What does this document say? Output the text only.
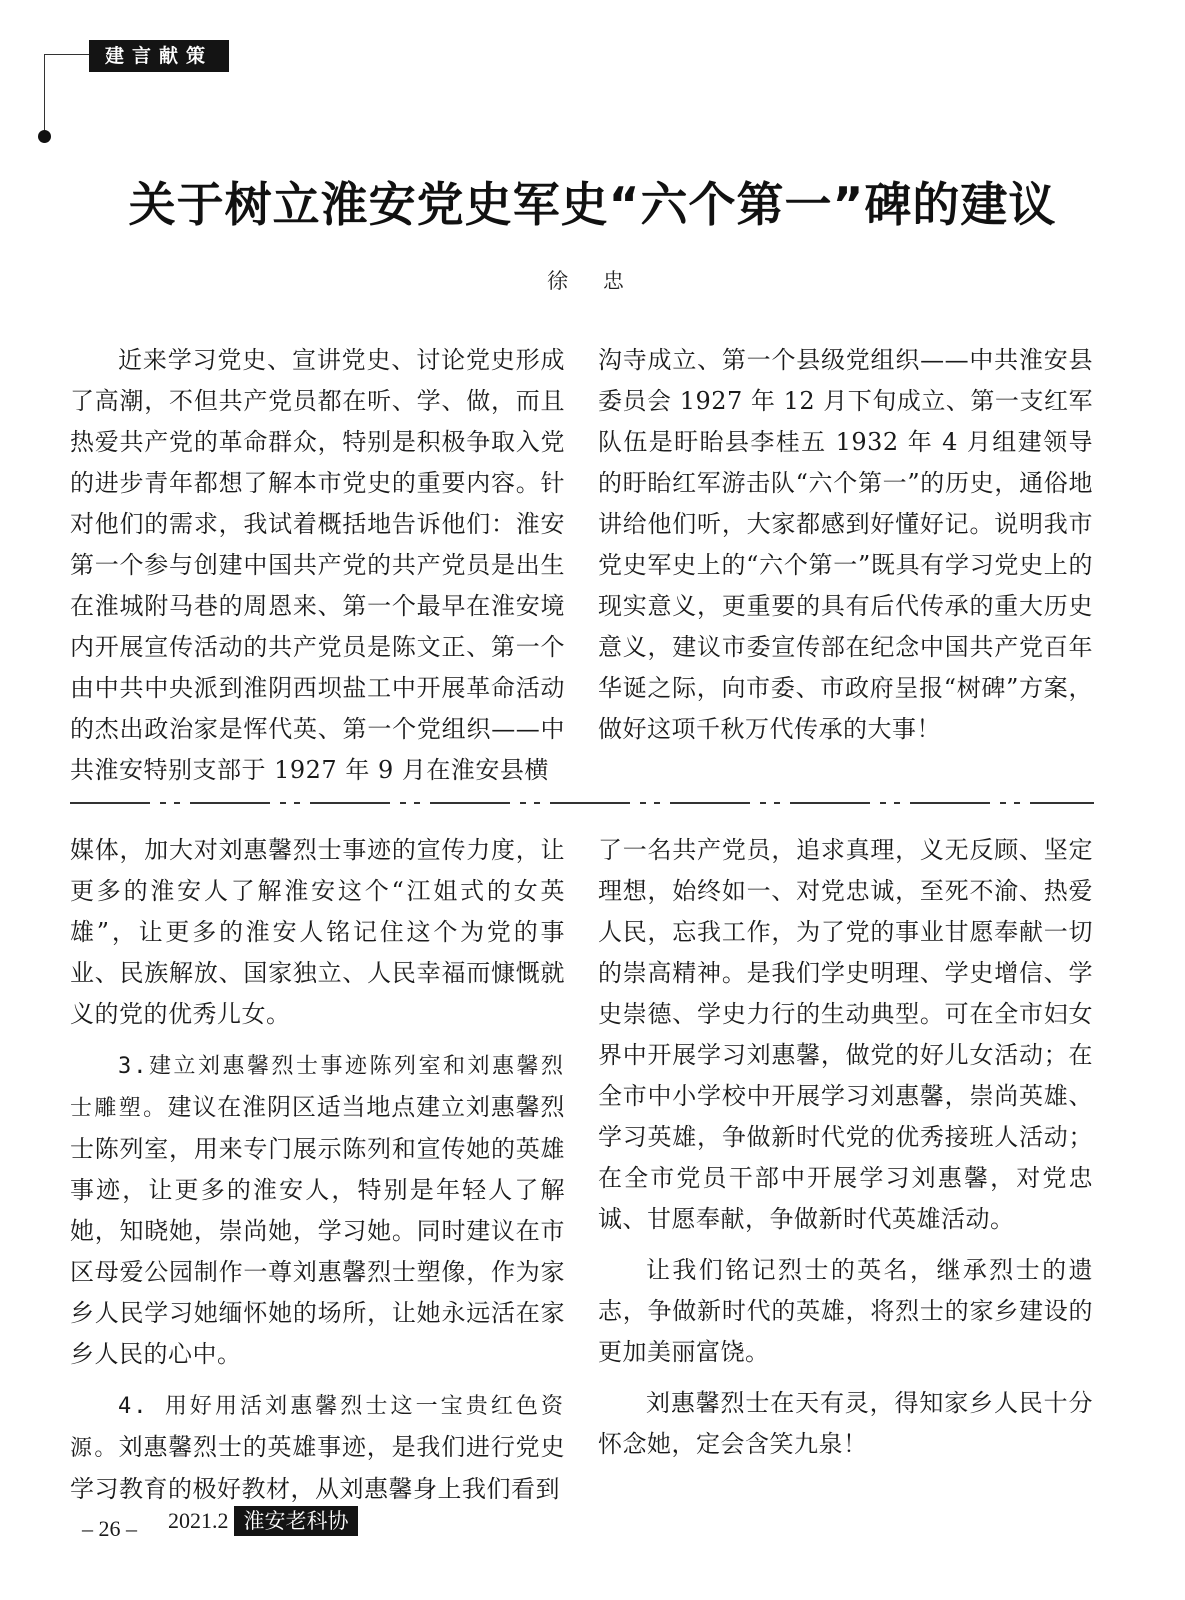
建言献策
关于树立淮安党史军史“六个第一”碑的建议
徐 忠

近来学习党史、宣讲党史、讨论党史形成了高潮，不但共产党员都在听、学、做，而且热爱共产党的革命群众，特别是积极争取入党的进步青年都想了解本市党史的重要内容。针对他们的需求，我试着概括地告诉他们：淮安第一个参与创建中国共产党的共产党员是出生在淮城附马巷的周恩来、第一个最早在淮安境内开展宣传活动的共产党员是陈文正、第一个由中共中央派到淮阴西坝盐工中开展革命活动的杰出政治家是恽代英、第一个党组织——中共淮安特别支部于 1927 年 9 月在淮安县横

沟寺成立、第一个县级党组织——中共淮安县委员会 1927 年 12 月下旬成立、第一支红军队伍是盱眙县李桂五 1932 年 4 月组建领导的盱眙红军游击队“六个第一”的历史，通俗地讲给他们听，大家都感到好懂好记。说明我市党史军史上的“六个第一”既具有学习党史上的现实意义，更重要的具有后代传承的重大历史意义，建议市委宣传部在纪念中国共产党百年华诞之际，向市委、市政府呈报“树碑”方案，做好这项千秋万代传承的大事！

媒体，加大对刘惠馨烈士事迹的宣传力度，让更多的淮安人了解淮安这个“江姐式的女英雄”，让更多的淮安人铭记住这个为党的事业、民族解放、国家独立、人民幸福而慷慨就义的党的优秀儿女。

3.建立刘惠馨烈士事迹陈列室和刘惠馨烈士雕塑。建议在淮阴区适当地点建立刘惠馨烈士陈列室，用来专门展示陈列和宣传她的英雄事迹，让更多的淮安人，特别是年轻人了解她，知晓她，崇尚她，学习她。同时建议在市区母爱公园制作一尊刘惠馨烈士塑像，作为家乡人民学习她缅怀她的场所，让她永远活在家乡人民的心中。

4. 用好用活刘惠馨烈士这一宝贵红色资源。刘惠馨烈士的英雄事迹，是我们进行党史学习教育的极好教材，从刘惠馨身上我们看到

了一名共产党员，追求真理，义无反顾、坚定理想，始终如一、对党忠诚，至死不渝、热爱人民，忘我工作，为了党的事业甘愿奉献一切的崇高精神。是我们学史明理、学史增信、学史崇德、学史力行的生动典型。可在全市妇女界中开展学习刘惠馨，做党的好儿女活动；在全市中小学校中开展学习刘惠馨，崇尚英雄、学习英雄，争做新时代党的优秀接班人活动；在全市党员干部中开展学习刘惠馨，对党忠诚、甘愿奉献，争做新时代英雄活动。

让我们铭记烈士的英名，继承烈士的遗志，争做新时代的英雄，将烈士的家乡建设的更加美丽富饶。

刘惠馨烈士在天有灵，得知家乡人民十分怀念她，定会含笑九泉！

– 26 – 2021.2 淮安老科协
